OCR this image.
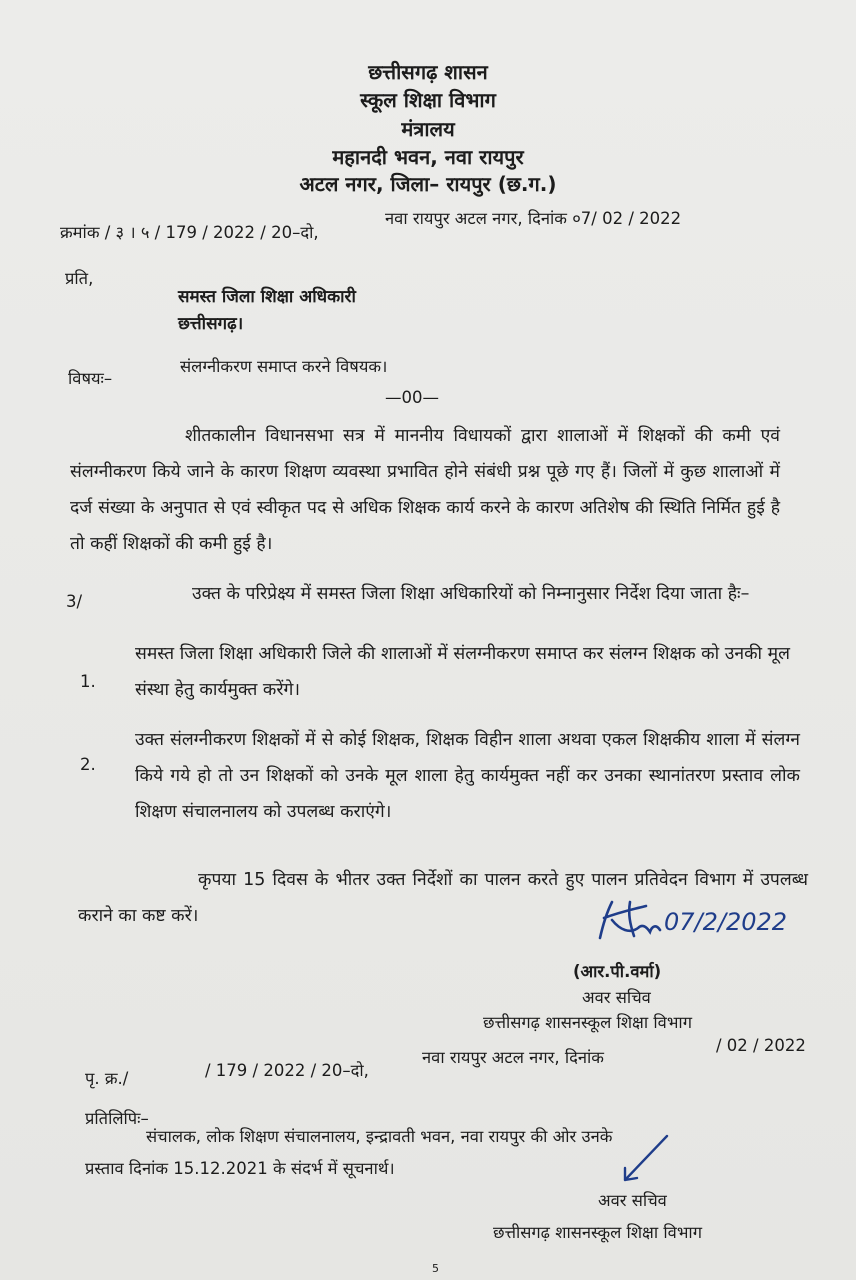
छत्तीसगढ़ शासन
स्कूल शिक्षा विभाग
मंत्रालय
महानदी भवन, नवा रायपुर
अटल नगर, जिला– रायपुर (छ.ग.)
क्रमांक / ३ । ५ / 179 / 2022 / 20–दो,
नवा रायपुर अटल नगर, दिनांक ०7/ 02 / 2022
प्रति,
समस्त जिला शिक्षा अधिकारी
छत्तीसगढ़।
विषयः–
संलग्नीकरण समाप्त करने विषयक।
—00—
शीतकालीन विधानसभा सत्र में माननीय विधायकों द्वारा शालाओं में शिक्षकों की कमी एवं संलग्नीकरण किये जाने के कारण शिक्षण व्यवस्था प्रभावित होने संबंधी प्रश्न पूछे गए हैं। जिलों में कुछ शालाओं में दर्ज संख्या के अनुपात से एवं स्वीकृत पद से अधिक शिक्षक कार्य करने के कारण अतिशेष की स्थिति निर्मित हुई है तो कहीं शिक्षकों की कमी हुई है।
3/	उक्त के परिप्रेक्ष्य में समस्त जिला शिक्षा अधिकारियों को निम्नानुसार निर्देश दिया जाता हैः–
1.
समस्त जिला शिक्षा अधिकारी जिले की शालाओं में संलग्नीकरण समाप्त कर संलग्न शिक्षक को उनकी मूल संस्था हेतु कार्यमुक्त करेंगे।
2.
उक्त संलग्नीकरण शिक्षकों में से कोई शिक्षक, शिक्षक विहीन शाला अथवा एकल शिक्षकीय शाला में संलग्न किये गये हो तो उन शिक्षकों को उनके मूल शाला हेतु कार्यमुक्त नहीं कर उनका स्थानांतरण प्रस्ताव लोक शिक्षण संचालनालय को उपलब्ध कराएंगे।
कृपया 15 दिवस के भीतर उक्त निर्देशों का पालन करते हुए पालन प्रतिवेदन विभाग में उपलब्ध कराने का कष्ट करें।	07/2/2022
(आर.पी.वर्मा)
अवर सचिव
छत्तीसगढ़ शासनस्कूल शिक्षा विभाग
पृ. क्र./	/ 179 / 2022 / 20–दो,
नवा रायपुर अटल नगर, दिनांक
/ 02 / 2022
प्रतिलिपिः–
संचालक, लोक शिक्षण संचालनालय, इन्द्रावती भवन, नवा रायपुर की ओर उनके
प्रस्ताव दिनांक 15.12.2021 के संदर्भ में सूचनार्थ।
अवर सचिव
छत्तीसगढ़ शासनस्कूल शिक्षा विभाग
5
